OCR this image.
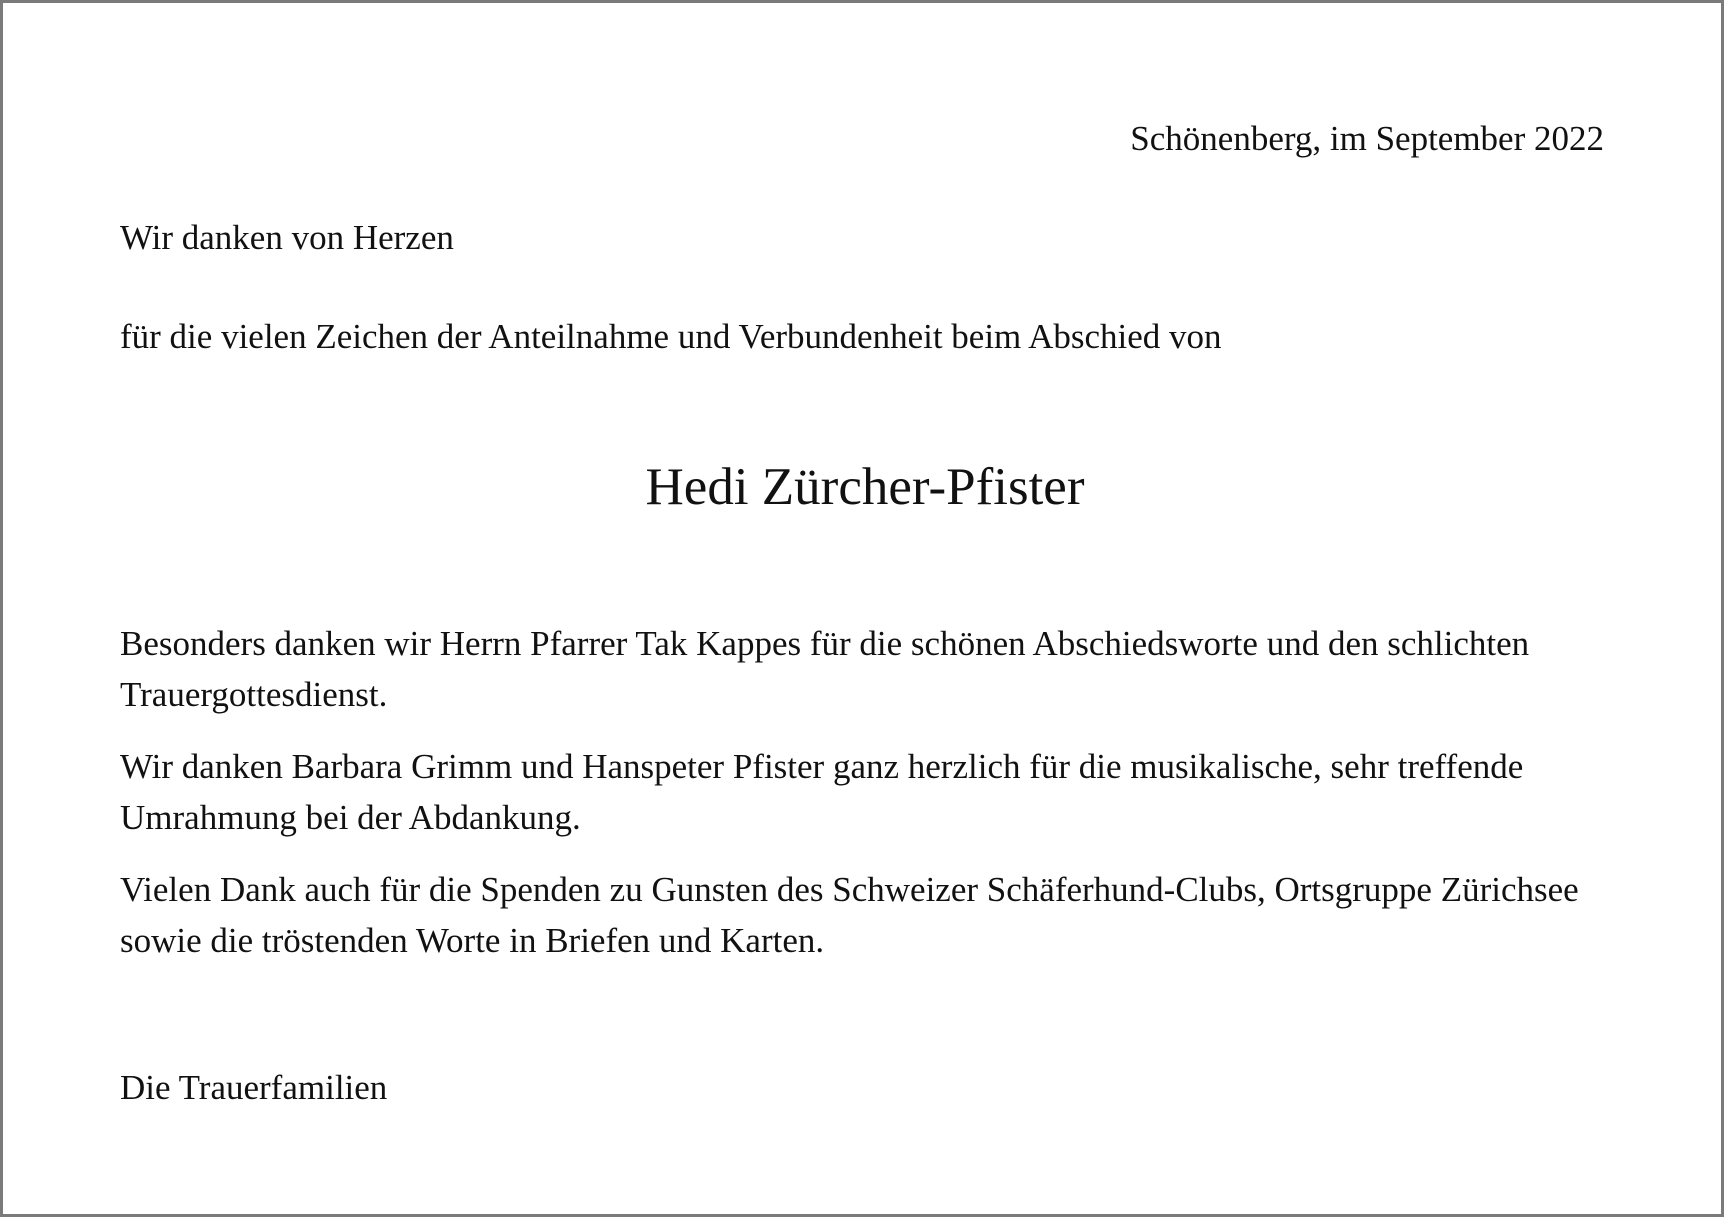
Schönenberg, im September 2022
Wir danken von Herzen
für die vielen Zeichen der Anteilnahme und Verbundenheit beim Abschied von
Hedi Zürcher-Pfister

Besonders danken wir Herrn Pfarrer Tak Kappes für die schönen Abschiedsworte und den schlichten Trauergottesdienst.

Wir danken Barbara Grimm und Hanspeter Pfister ganz herzlich für die musikalische, sehr treffende Umrahmung bei der Abdankung.

Vielen Dank auch für die Spenden zu Gunsten des Schweizer Schäferhund-Clubs, Ortsgruppe Zürichsee sowie die tröstenden Worte in Briefen und Karten.

Die Trauerfamilien
